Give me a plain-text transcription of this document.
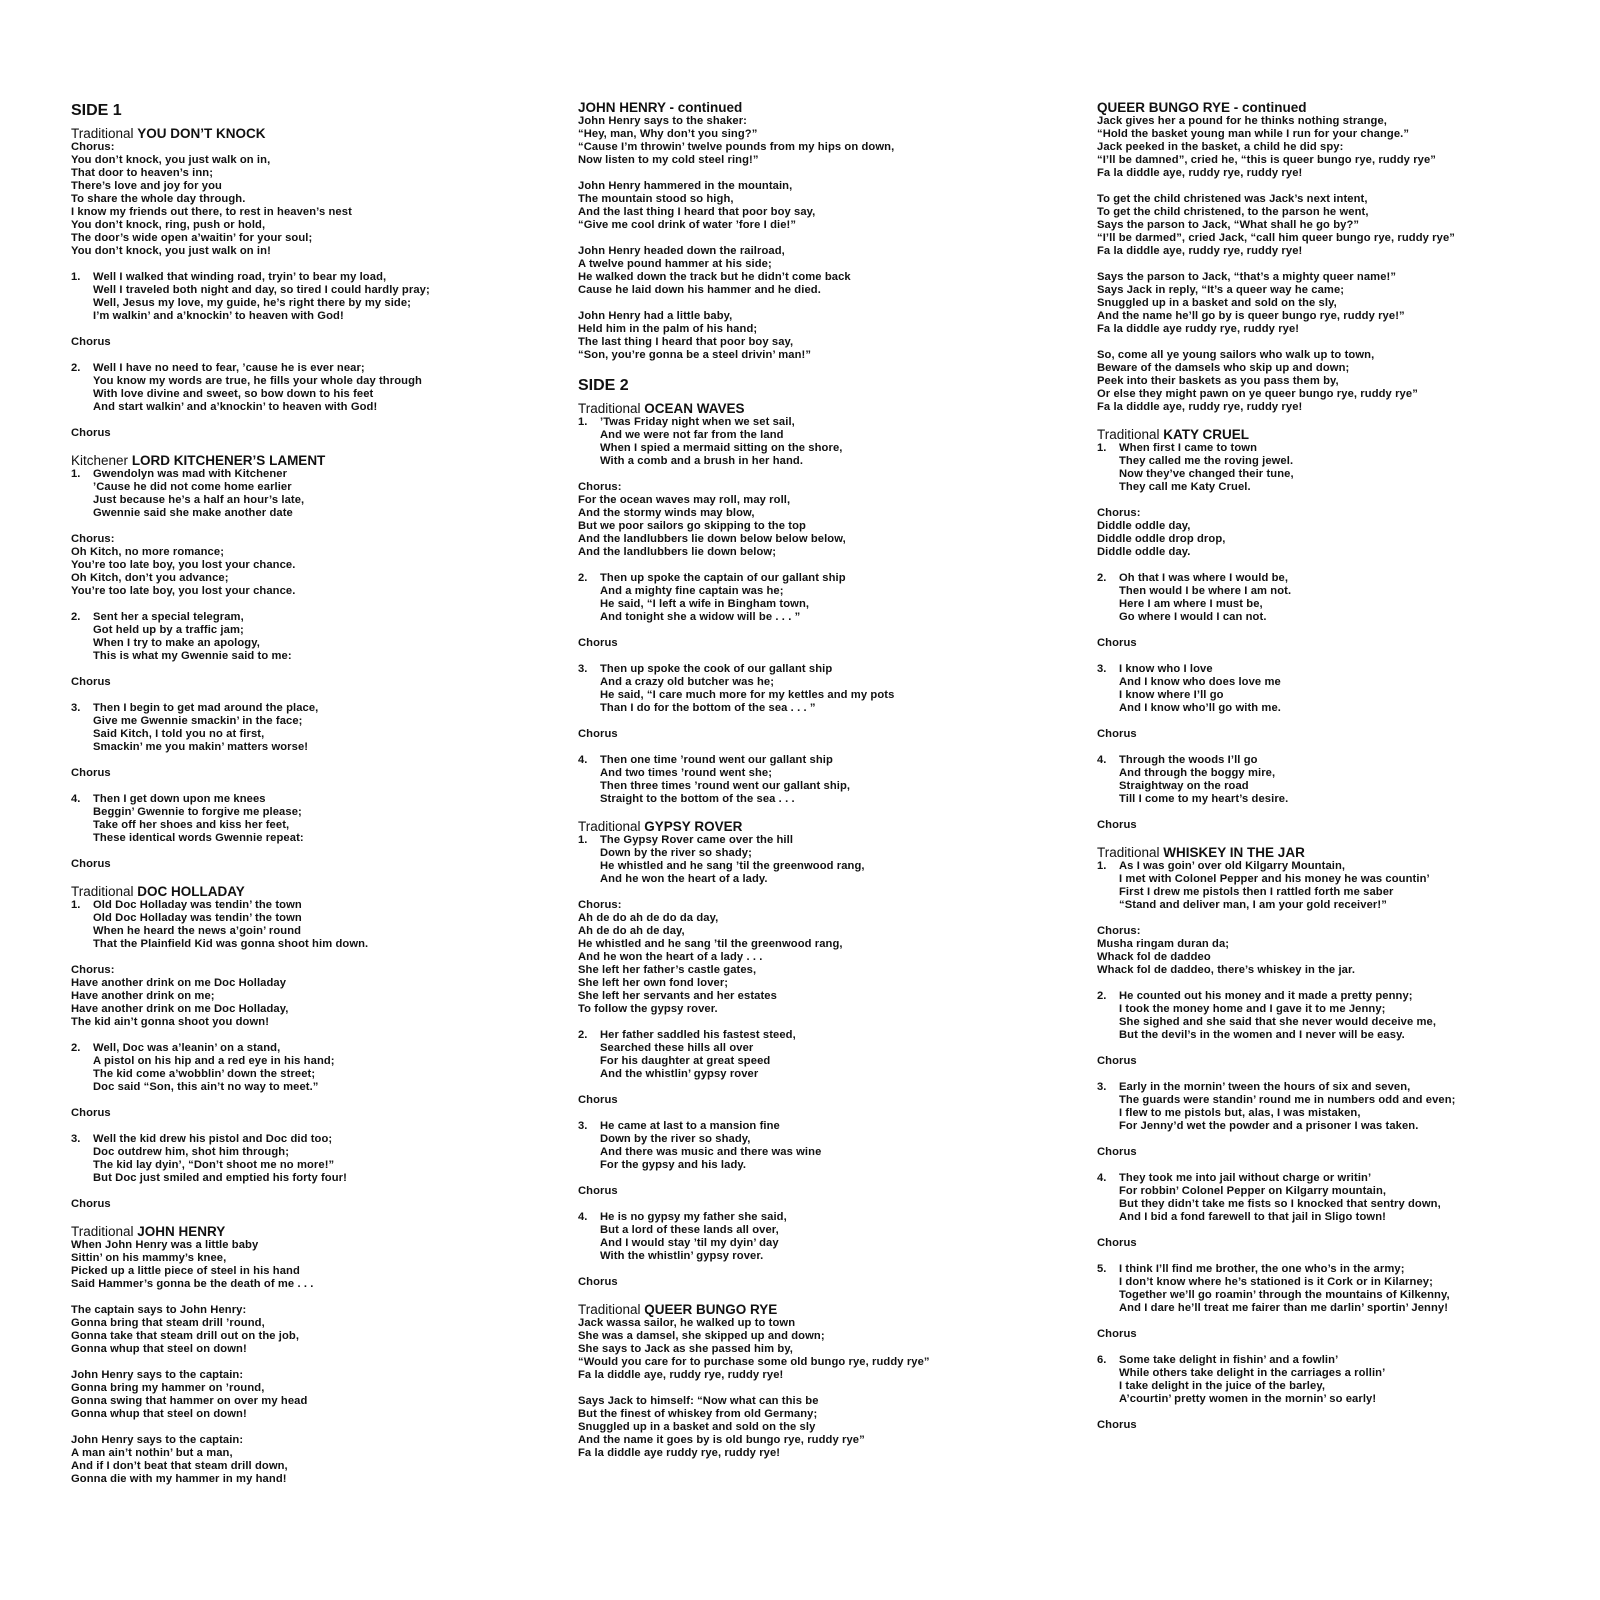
SIDE 1
Traditional YOU DON’T KNOCK
Chorus:
You don’t knock, you just walk on in,
That door to heaven’s inn;
There’s love and joy for you
To share the whole day through.
I know my friends out there, to rest in heaven’s nest
You don’t knock, ring, push or hold,
The door’s wide open a’waitin’ for your soul;
You don’t knock, you just walk on in!
1.	Well I walked that winding road, tryin’ to bear my load,
Well I traveled both night and day, so tired I could hardly pray;
Well, Jesus my love, my guide, he’s right there by my side;
I’m walkin’ and a’knockin’ to heaven with God!
Chorus
2.	Well I have no need to fear, ’cause he is ever near;
You know my words are true, he fills your whole day through
With love divine and sweet, so bow down to his feet
And start walkin’ and a’knockin’ to heaven with God!
Chorus
Kitchener LORD KITCHENER’S LAMENT
1.	Gwendolyn was mad with Kitchener
’Cause he did not come home earlier
Just because he’s a half an hour’s late,
Gwennie said she make another date
Chorus:
Oh Kitch, no more romance;
You’re too late boy, you lost your chance.
Oh Kitch, don’t you advance;
You’re too late boy, you lost your chance.
2.	Sent her a special telegram,
Got held up by a traffic jam;
When I try to make an apology,
This is what my Gwennie said to me:
Chorus
3.	Then I begin to get mad around the place,
Give me Gwennie smackin’ in the face;
Said Kitch, I told you no at first,
Smackin’ me you makin’ matters worse!
Chorus
4.	Then I get down upon me knees
Beggin’ Gwennie to forgive me please;
Take off her shoes and kiss her feet,
These identical words Gwennie repeat:
Chorus
Traditional DOC HOLLADAY
1.	Old Doc Holladay was tendin’ the town
Old Doc Holladay was tendin’ the town
When he heard the news a’goin’ round
That the Plainfield Kid was gonna shoot him down.
Chorus:
Have another drink on me Doc Holladay
Have another drink on me;
Have another drink on me Doc Holladay,
The kid ain’t gonna shoot you down!
2.	Well, Doc was a’leanin’ on a stand,
A pistol on his hip and a red eye in his hand;
The kid come a’wobblin’ down the street;
Doc said “Son, this ain’t no way to meet.”
Chorus
3.	Well the kid drew his pistol and Doc did too;
Doc outdrew him, shot him through;
The kid lay dyin’, “Don’t shoot me no more!”
But Doc just smiled and emptied his forty four!
Chorus
Traditional JOHN HENRY
When John Henry was a little baby
Sittin’ on his mammy’s knee,
Picked up a little piece of steel in his hand
Said Hammer’s gonna be the death of me . . .
The captain says to John Henry:
Gonna bring that steam drill ’round,
Gonna take that steam drill out on the job,
Gonna whup that steel on down!
John Henry says to the captain:
Gonna bring my hammer on ’round,
Gonna swing that hammer on over my head
Gonna whup that steel on down!
John Henry says to the captain:
A man ain’t nothin’ but a man,
And if I don’t beat that steam drill down,
Gonna die with my hammer in my hand!
JOHN HENRY - continued
John Henry says to the shaker:
“Hey, man, Why don’t you sing?”
“Cause I’m throwin’ twelve pounds from my hips on down,
Now listen to my cold steel ring!”
John Henry hammered in the mountain,
The mountain stood so high,
And the last thing I heard that poor boy say,
“Give me cool drink of water ’fore I die!”
John Henry headed down the railroad,
A twelve pound hammer at his side;
He walked down the track but he didn’t come back
Cause he laid down his hammer and he died.
John Henry had a little baby,
Held him in the palm of his hand;
The last thing I heard that poor boy say,
“Son, you’re gonna be a steel drivin’ man!”
SIDE 2
Traditional OCEAN WAVES
1.	’Twas Friday night when we set sail,
And we were not far from the land
When I spied a mermaid sitting on the shore,
With a comb and a brush in her hand.
Chorus:
For the ocean waves may roll, may roll,
And the stormy winds may blow,
But we poor sailors go skipping to the top
And the landlubbers lie down below below below,
And the landlubbers lie down below;
2.	Then up spoke the captain of our gallant ship
And a mighty fine captain was he;
He said, “I left a wife in Bingham town,
And tonight she a widow will be . . . ”
Chorus
3.	Then up spoke the cook of our gallant ship
And a crazy old butcher was he;
He said, “I care much more for my kettles and my pots
Than I do for the bottom of the sea . . . ”
Chorus
4.	Then one time ’round went our gallant ship
And two times ’round went she;
Then three times ’round went our gallant ship,
Straight to the bottom of the sea . . .
Traditional GYPSY ROVER
1.	The Gypsy Rover came over the hill
Down by the river so shady;
He whistled and he sang ’til the greenwood rang,
And he won the heart of a lady.
Chorus:
Ah de do ah de do da day,
Ah de do ah de day,
He whistled and he sang ’til the greenwood rang,
And he won the heart of a lady . . .
She left her father’s castle gates,
She left her own fond lover;
She left her servants and her estates
To follow the gypsy rover.
2.	Her father saddled his fastest steed,
Searched these hills all over
For his daughter at great speed
And the whistlin’ gypsy rover
Chorus
3.	He came at last to a mansion fine
Down by the river so shady,
And there was music and there was wine
For the gypsy and his lady.
Chorus
4.	He is no gypsy my father she said,
But a lord of these lands all over,
And I would stay ’til my dyin’ day
With the whistlin’ gypsy rover.
Chorus
Traditional QUEER BUNGO RYE
Jack wassa sailor, he walked up to town
She was a damsel, she skipped up and down;
She says to Jack as she passed him by,
“Would you care for to purchase some old bungo rye, ruddy rye”
Fa la diddle aye, ruddy rye, ruddy rye!
Says Jack to himself: “Now what can this be
But the finest of whiskey from old Germany;
Snuggled up in a basket and sold on the sly
And the name it goes by is old bungo rye, ruddy rye”
Fa la diddle aye ruddy rye, ruddy rye!
QUEER BUNGO RYE - continued
Jack gives her a pound for he thinks nothing strange,
“Hold the basket young man while I run for your change.”
Jack peeked in the basket, a child he did spy:
“I’ll be damned”, cried he, “this is queer bungo rye, ruddy rye”
Fa la diddle aye, ruddy rye, ruddy rye!
To get the child christened was Jack’s next intent,
To get the child christened, to the parson he went,
Says the parson to Jack, “What shall he go by?”
“I’ll be darmed”, cried Jack, “call him queer bungo rye, ruddy rye”
Fa la diddle aye, ruddy rye, ruddy rye!
Says the parson to Jack, “that’s a mighty queer name!”
Says Jack in reply, “It’s a queer way he came;
Snuggled up in a basket and sold on the sly,
And the name he’ll go by is queer bungo rye, ruddy rye!”
Fa la diddle aye ruddy rye, ruddy rye!
So, come all ye young sailors who walk up to town,
Beware of the damsels who skip up and down;
Peek into their baskets as you pass them by,
Or else they might pawn on ye queer bungo rye, ruddy rye”
Fa la diddle aye, ruddy rye, ruddy rye!
Traditional KATY CRUEL
1.	When first I came to town
They called me the roving jewel.
Now they’ve changed their tune,
They call me Katy Cruel.
Chorus:
Diddle oddle day,
Diddle oddle drop drop,
Diddle oddle day.
2.	Oh that I was where I would be,
Then would I be where I am not.
Here I am where I must be,
Go where I would I can not.
Chorus
3.	I know who I love
And I know who does love me
I know where I’ll go
And I know who’ll go with me.
Chorus
4.	Through the woods I’ll go
And through the boggy mire,
Straightway on the road
Till I come to my heart’s desire.
Chorus
Traditional WHISKEY IN THE JAR
1.	As I was goin’ over old Kilgarry Mountain,
I met with Colonel Pepper and his money he was countin’
First I drew me pistols then I rattled forth me saber
“Stand and deliver man, I am your gold receiver!”
Chorus:
Musha ringam duran da;
Whack fol de daddeo
Whack fol de daddeo, there’s whiskey in the jar.
2.	He counted out his money and it made a pretty penny;
I took the money home and I gave it to me Jenny;
She sighed and she said that she never would deceive me,
But the devil’s in the women and I never will be easy.
Chorus
3.	Early in the mornin’ tween the hours of six and seven,
The guards were standin’ round me in numbers odd and even;
I flew to me pistols but, alas, I was mistaken,
For Jenny’d wet the powder and a prisoner I was taken.
Chorus
4.	They took me into jail without charge or writin’
For robbin’ Colonel Pepper on Kilgarry mountain,
But they didn’t take me fists so I knocked that sentry down,
And I bid a fond farewell to that jail in Sligo town!
Chorus
5.	I think I’ll find me brother, the one who’s in the army;
I don’t know where he’s stationed is it Cork or in Kilarney;
Together we’ll go roamin’ through the mountains of Kilkenny,
And I dare he’ll treat me fairer than me darlin’ sportin’ Jenny!
Chorus
6.	Some take delight in fishin’ and a fowlin’
While others take delight in the carriages a rollin’
I take delight in the juice of the barley,
A’courtin’ pretty women in the mornin’ so early!
Chorus
